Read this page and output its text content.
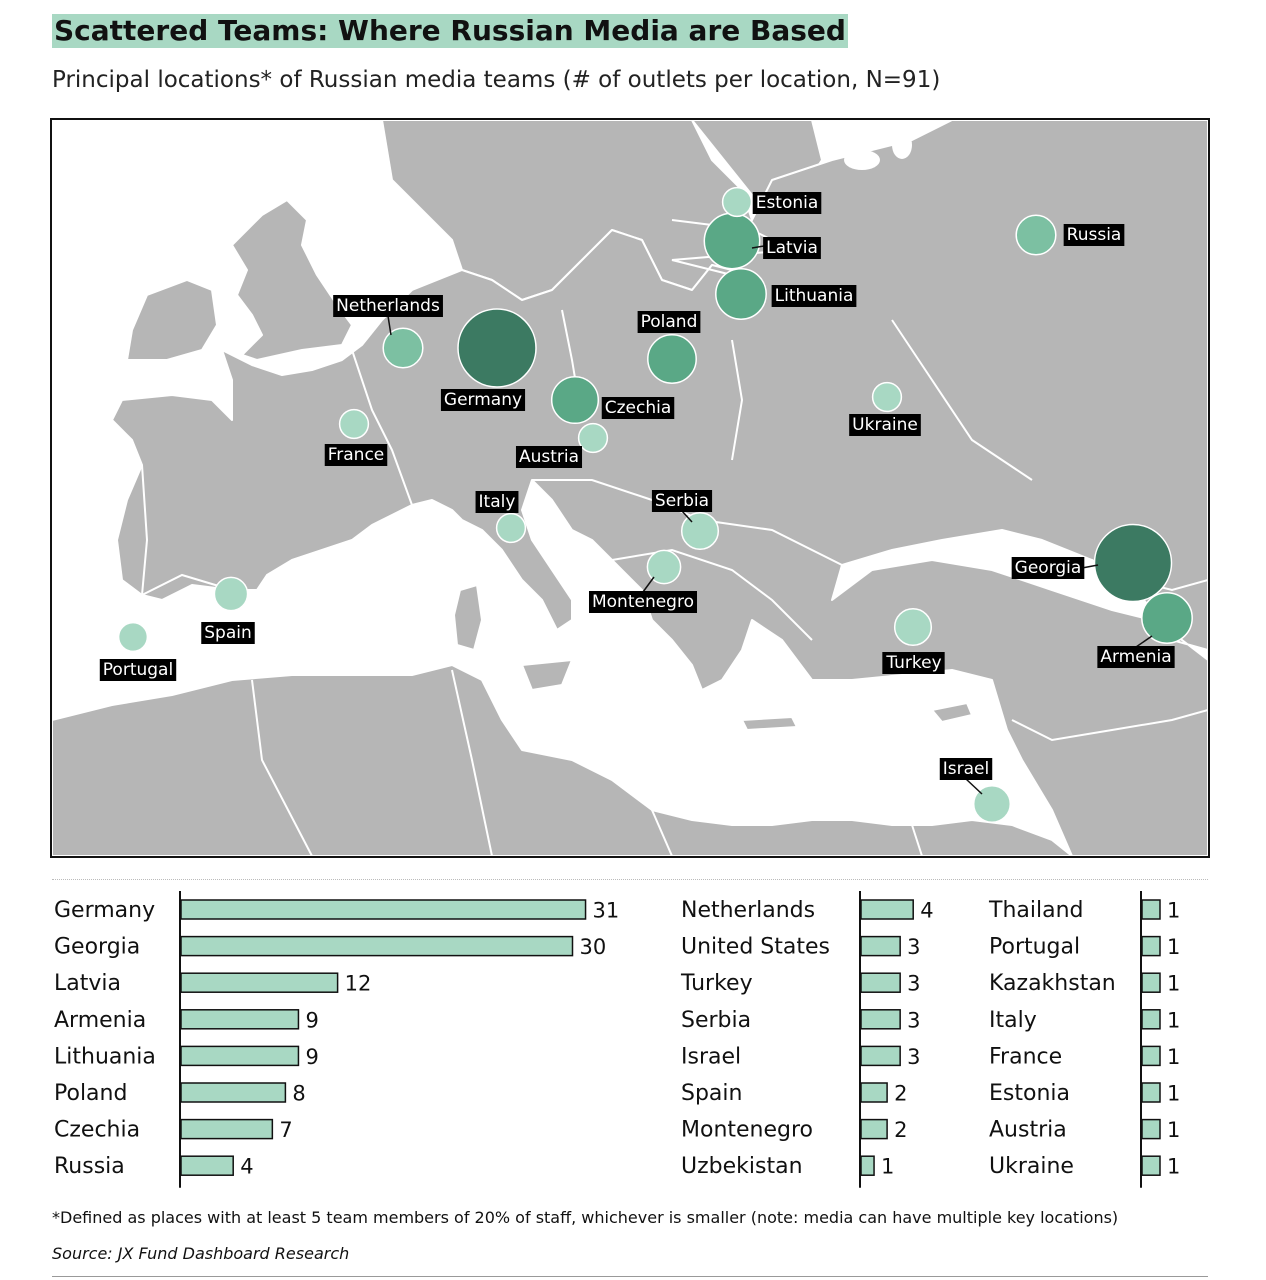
Scattered Teams: Where Russian Media are Based
Principal locations* of Russian media teams (# of outlets per location, N=91)
Germany
Georgia
Latvia
Armenia
Lithuania
Poland
Czechia
Russia
Netherlands
Turkey
Serbia
Israel
Spain
Montenegro
Portugal
Italy
France
Estonia
Austria
Ukraine
Germany	31
Georgia	30
Latvia	12
Armenia	9
Lithuania	9
Poland	8
Czechia	7
Russia	4
Netherlands	4
United States	3
Turkey	3
Serbia	3
Israel	3
Spain	2
Montenegro	2
Uzbekistan	1
Thailand	1
Portugal	1
Kazakhstan 1
Italy	1
France	1
Estonia	1
Austria	1
Ukraine	1
*Defined as places with at least 5 team members of 20% of staff, whichever is smaller (note: media can have multiple key locations)
Source: JX Fund Dashboard Research
